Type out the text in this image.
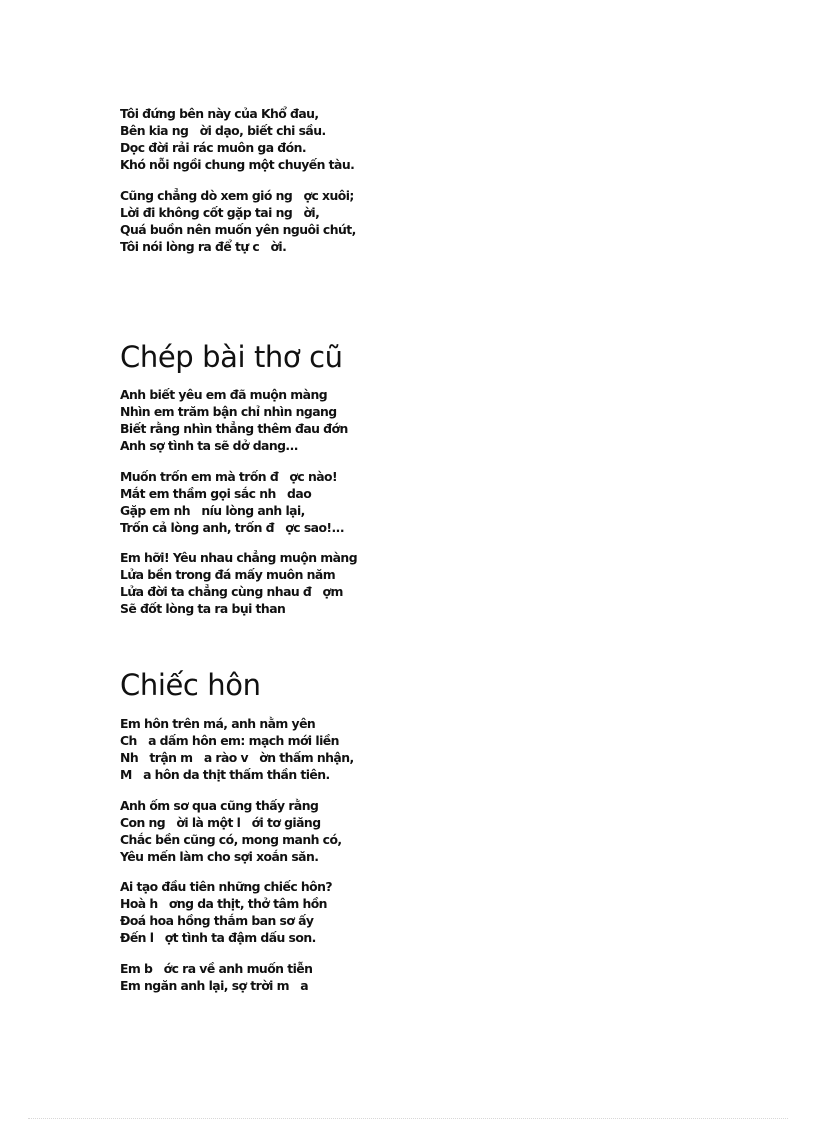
Tôi đứng bên này của Khổ đau,
Bên kia ng   ời dạo, biết chi sầu.
Dọc đời rải rác muôn ga đón.
Khó nỗi ngồi chung một chuyến tàu.
Cũng chẳng dò xem gió ng   ợc xuôi;
Lời đi không cốt gặp tai ng   ời,
Quá buồn nên muốn yên nguôi chút,
Tôi nói lòng ra để tự c   ời.
Chép bài thơ cũ
Anh biết yêu em đã muộn màng
Nhìn em trăm bận chỉ nhìn ngang
Biết rằng nhìn thẳng thêm đau đớn
Anh sợ tình ta sẽ dở dang...
Muốn trốn em mà trốn đ   ợc nào!
Mắt em thầm gọi sắc nh   dao
Gặp em nh   níu lòng anh lại,
Trốn cả lòng anh, trốn đ   ợc sao!...
Em hỡi! Yêu nhau chẳng muộn màng
Lửa bền trong đá mấy muôn năm
Lửa đời ta chẳng cùng nhau đ   ợm
Sẽ đốt lòng ta ra bụi than
Chiếc hôn
Em hôn trên má, anh nằm yên
Ch   a dấm hôn em: mạch mới liền
Nh   trận m   a rào v   ờn thấm nhận,
M   a hôn da thịt thấm thần tiên.
Anh ốm sơ qua cũng thấy rằng
Con ng   ời là một l   ới tơ giăng
Chắc bền cũng có, mong manh có,
Yêu mến làm cho sợi xoắn săn.
Ai tạo đầu tiên những chiếc hôn?
Hoà h   ơng da thịt, thở tâm hồn
Đoá hoa hồng thắm ban sơ ấy
Đến l   ợt tình ta đậm dấu son.
Em b   ớc ra về anh muốn tiễn
Em ngăn anh lại, sợ trời m   a
